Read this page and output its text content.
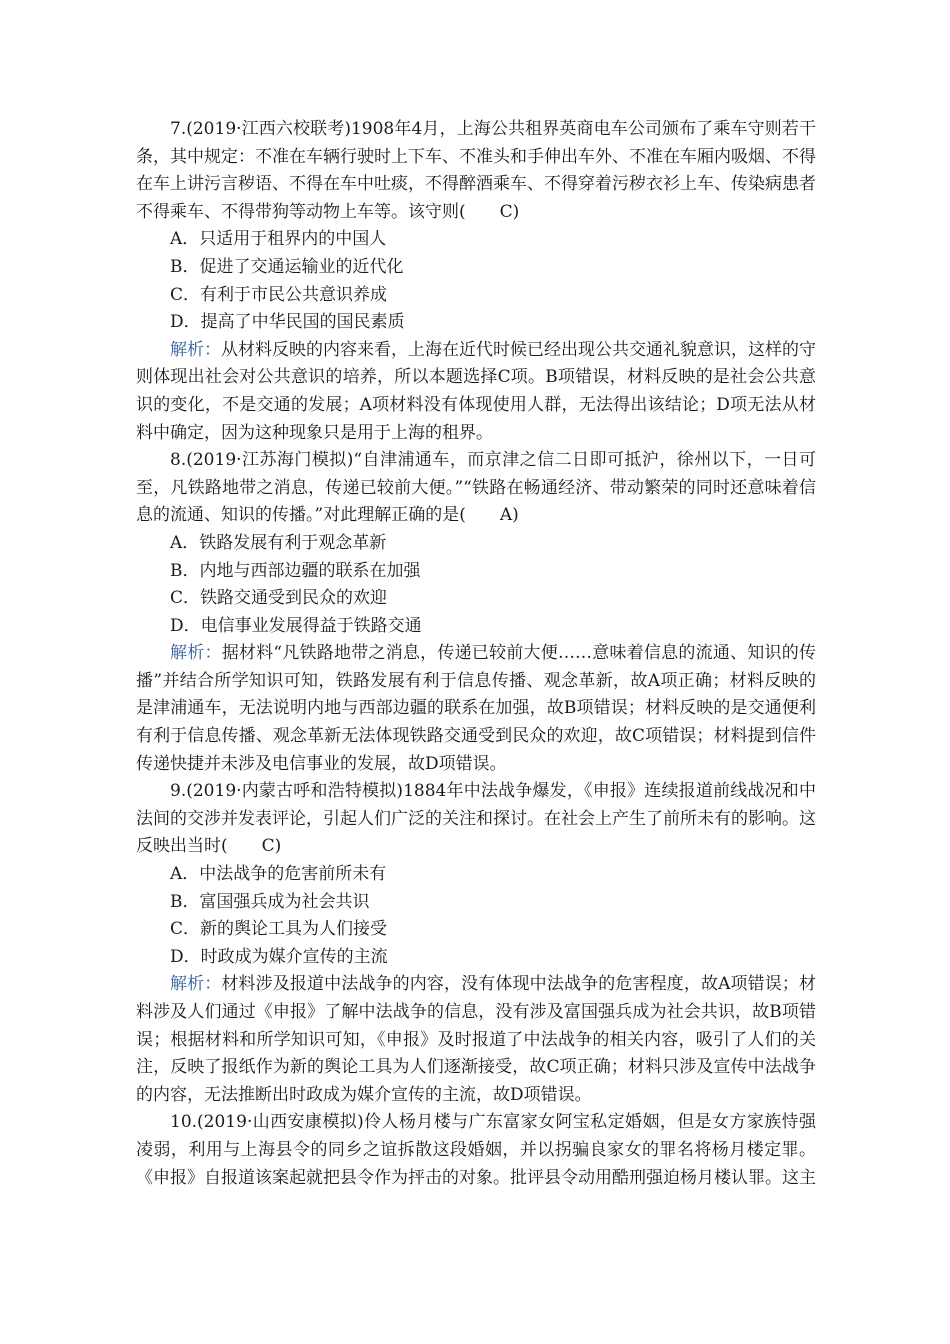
7.(2019·江西六校联考)1908年4月，上海公共租界英商电车公司颁布了乘车守则若干条，其中规定：不准在车辆行驶时上下车、不准头和手伸出车外、不准在车厢内吸烟、不得在车上讲污言秽语、不得在车中吐痰，不得醉酒乘车、不得穿着污秽衣衫上车、传染病患者不得乘车、不得带狗等动物上车等。该守则( C)

A．只适用于租界内的中国人

B．促进了交通运输业的近代化

C．有利于市民公共意识养成

D．提高了中华民国的国民素质

解析：从材料反映的内容来看，上海在近代时候已经出现公共交通礼貌意识，这样的守则体现出社会对公共意识的培养，所以本题选择C项。B项错误，材料反映的是社会公共意识的变化，不是交通的发展；A项材料没有体现使用人群，无法得出该结论；D项无法从材料中确定，因为这种现象只是用于上海的租界。

8.(2019·江苏海门模拟)“自津浦通车，而京津之信二日即可抵沪，徐州以下，一日可至，凡铁路地带之消息，传递已较前大便。”“铁路在畅通经济、带动繁荣的同时还意味着信息的流通、知识的传播。”对此理解正确的是( A)

A．铁路发展有利于观念革新

B．内地与西部边疆的联系在加强

C．铁路交通受到民众的欢迎

D．电信事业发展得益于铁路交通

解析：据材料“凡铁路地带之消息，传递已较前大便……意味着信息的流通、知识的传播”并结合所学知识可知，铁路发展有利于信息传播、观念革新，故A项正确；材料反映的是津浦通车，无法说明内地与西部边疆的联系在加强，故B项错误；材料反映的是交通便利有利于信息传播、观念革新无法体现铁路交通受到民众的欢迎，故C项错误；材料提到信件传递快捷并未涉及电信事业的发展，故D项错误。

9.(2019·内蒙古呼和浩特模拟)1884年中法战争爆发，《申报》连续报道前线战况和中法间的交涉并发表评论，引起人们广泛的关注和探讨。在社会上产生了前所未有的影响。这反映出当时( C)

A．中法战争的危害前所未有

B．富国强兵成为社会共识

C．新的舆论工具为人们接受

D．时政成为媒介宣传的主流

解析：材料涉及报道中法战争的内容，没有体现中法战争的危害程度，故A项错误；材料涉及人们通过《申报》了解中法战争的信息，没有涉及富国强兵成为社会共识，故B项错误；根据材料和所学知识可知，《申报》及时报道了中法战争的相关内容，吸引了人们的关注，反映了报纸作为新的舆论工具为人们逐渐接受，故C项正确；材料只涉及宣传中法战争的内容，无法推断出时政成为媒介宣传的主流，故D项错误。

10.(2019·山西安康模拟)伶人杨月楼与广东富家女阿宝私定婚姻，但是女方家族恃强凌弱，利用与上海县令的同乡之谊拆散这段婚姻，并以拐骗良家女的罪名将杨月楼定罪。《申报》自报道该案起就把县令作为抨击的对象。批评县令动用酷刑强迫杨月楼认罪。这主
